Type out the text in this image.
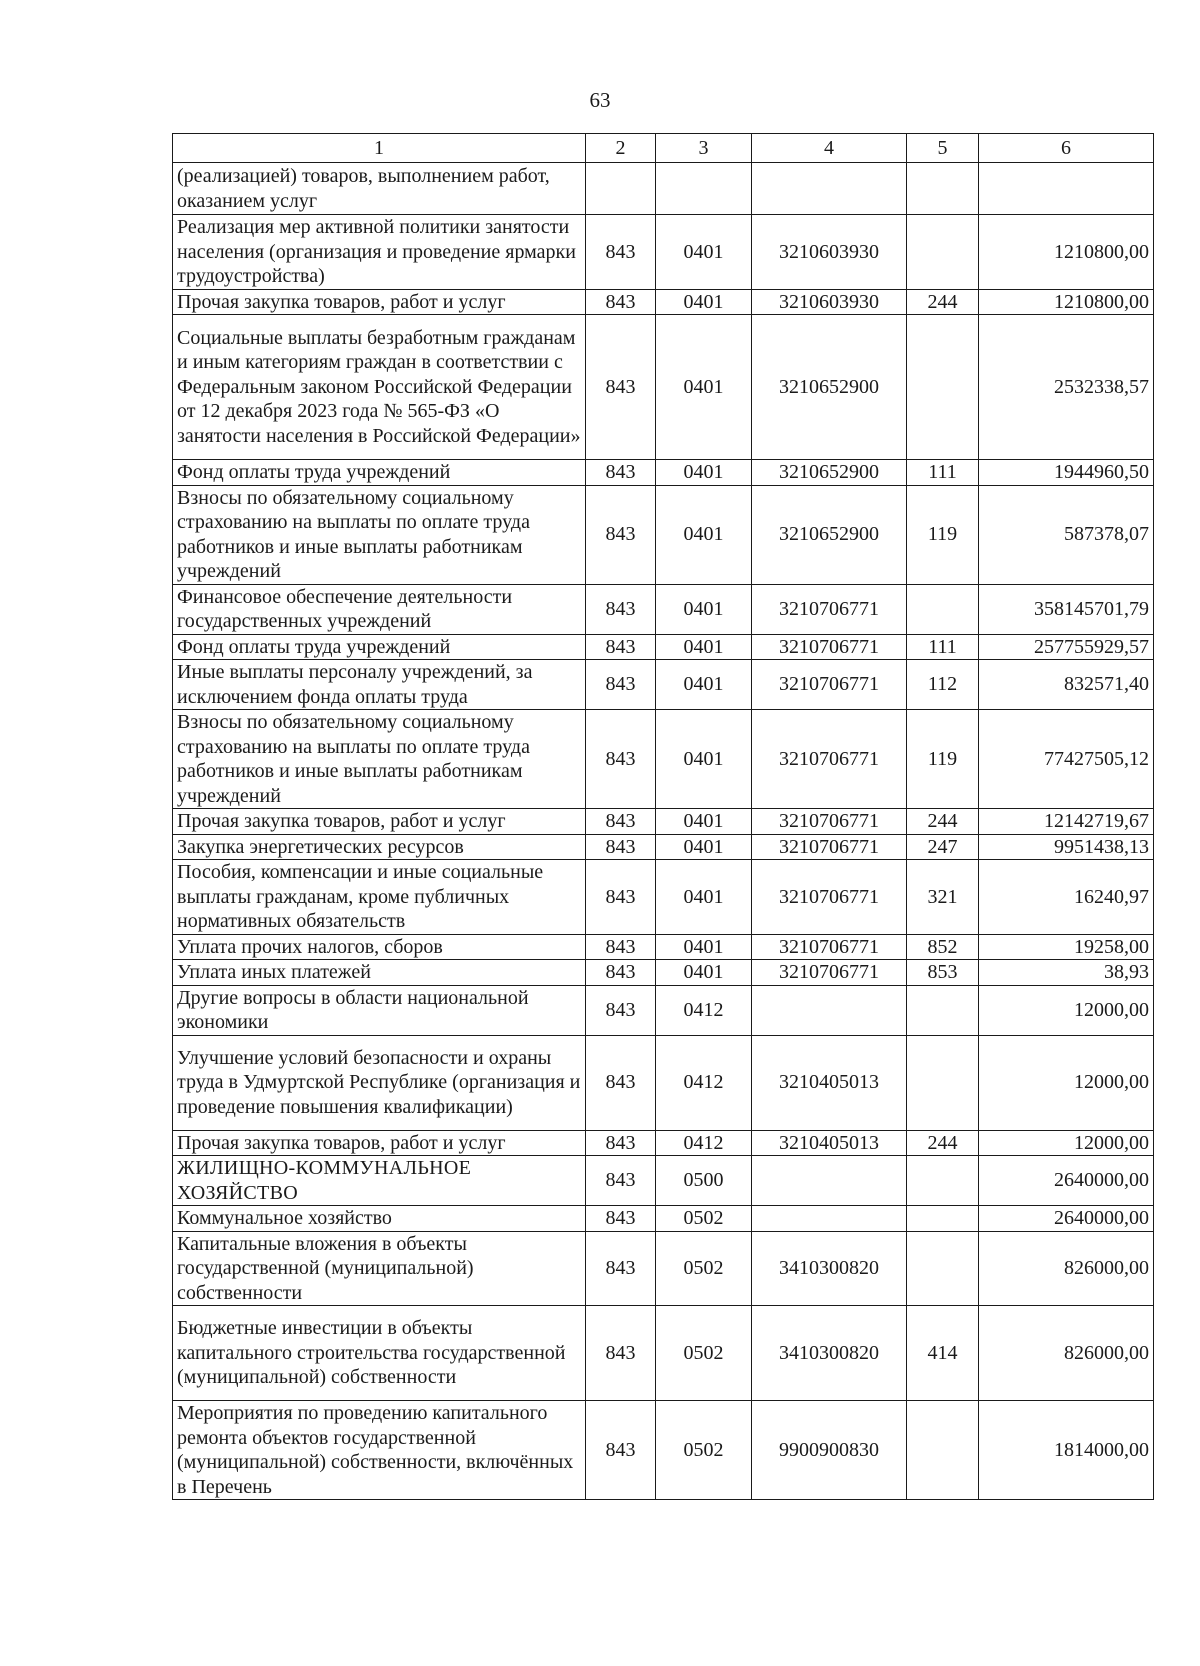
63
1	2	3	4	5	6
(реализацией) товаров, выполнением работ, оказанием услуг					
Реализация мер активной политики занятости населения (организация и проведение ярмарки трудоустройства)	843	0401	3210603930		1210800,00
Прочая закупка товаров, работ и услуг	843	0401	3210603930	244	1210800,00
Социальные выплаты безработным гражданам и иным категориям граждан в соответствии с Федеральным законом Российской Федерации от 12 декабря 2023 года № 565-ФЗ «О занятости населения в Российской Федерации»	843	0401	3210652900		2532338,57
Фонд оплаты труда учреждений	843	0401	3210652900	111	1944960,50
Взносы по обязательному социальному страхованию на выплаты по оплате труда работников и иные выплаты работникам учреждений	843	0401	3210652900	119	587378,07
Финансовое обеспечение деятельности государственных учреждений	843	0401	3210706771		358145701,79
Фонд оплаты труда учреждений	843	0401	3210706771	111	257755929,57
Иные выплаты персоналу учреждений, за исключением фонда оплаты труда	843	0401	3210706771	112	832571,40
Взносы по обязательному социальному страхованию на выплаты по оплате труда работников и иные выплаты работникам учреждений	843	0401	3210706771	119	77427505,12
Прочая закупка товаров, работ и услуг	843	0401	3210706771	244	12142719,67
Закупка энергетических ресурсов	843	0401	3210706771	247	9951438,13
Пособия, компенсации и иные социальные выплаты гражданам, кроме публичных нормативных обязательств	843	0401	3210706771	321	16240,97
Уплата прочих налогов, сборов	843	0401	3210706771	852	19258,00
Уплата иных платежей	843	0401	3210706771	853	38,93
Другие вопросы в области национальной экономики	843	0412			12000,00
Улучшение условий безопасности и охраны труда в Удмуртской Республике (организация и проведение повышения квалификации)	843	0412	3210405013		12000,00
Прочая закупка товаров, работ и услуг	843	0412	3210405013	244	12000,00
ЖИЛИЩНО-КОММУНАЛЬНОЕ ХОЗЯЙСТВО	843	0500			2640000,00
Коммунальное хозяйство	843	0502			2640000,00
Капитальные вложения в объекты государственной (муниципальной) собственности	843	0502	3410300820		826000,00
Бюджетные инвестиции в объекты капитального строительства государственной (муниципальной) собственности	843	0502	3410300820	414	826000,00
Мероприятия по проведению капитального ремонта объектов государственной (муниципальной) собственности, включённых в Перечень	843	0502	9900900830		1814000,00
